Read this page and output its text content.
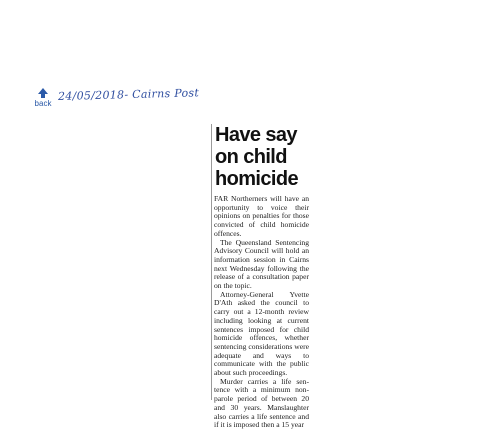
back
24/05/2018- Cairns Post
Have say
on child
homicide

FAR Northerners will have an opportunity to voice their opinions on penalties for those convicted of child homicide offences.

The Queensland Sentencing Advisory Council will hold an information session in Cairns next Wednesday following the release of a consultation paper on the topic.

Attorney-General Yvette D'Ath asked the council to carry out a 12-month review including looking at current sentences imposed for child homicide offences, whether sentencing considerations were adequate and ways to communicate with the public about such proceedings.

Murder carries a life sentence with a minimum non-parole period of between 20 and 30 years. Manslaughter also carries a life sentence and if it is imposed then a 15 year
